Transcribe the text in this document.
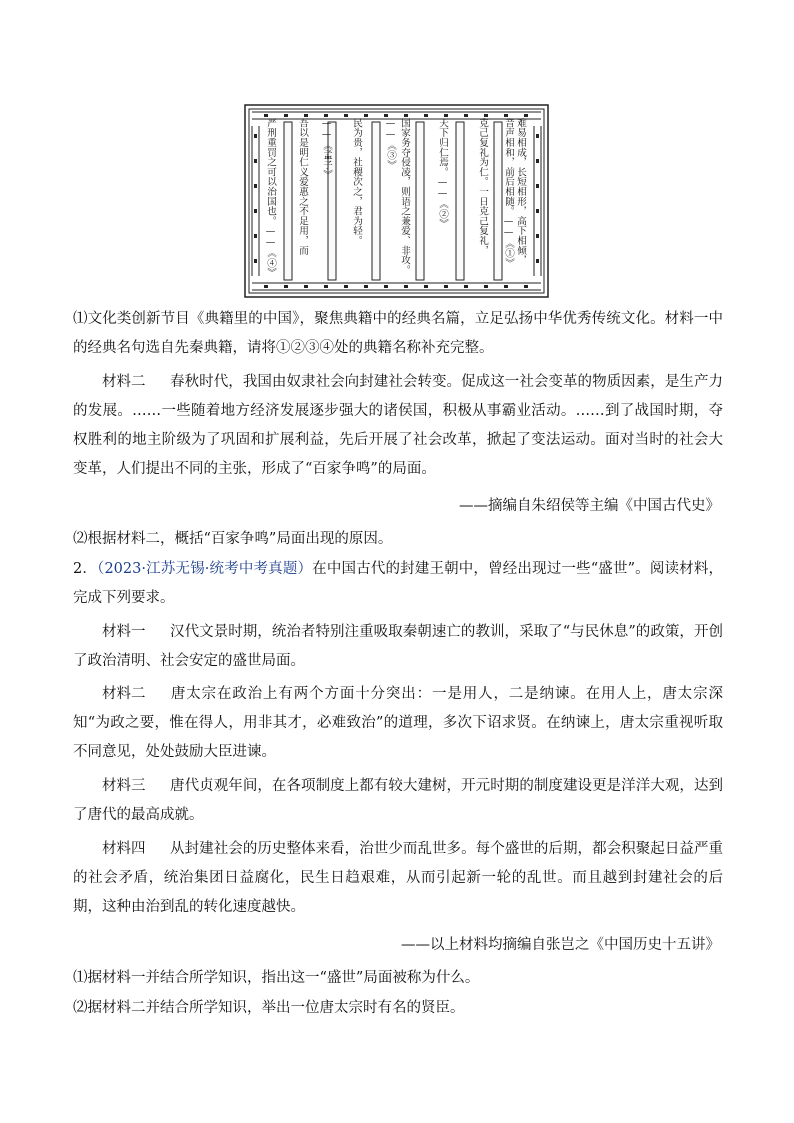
难易相成，长短相形，高下相倾，
音声相和，前后相随。——《①》
克己复礼为仁。一日克己复礼，
天下归仁焉。——《②》
国家务夺侵凌，则语之兼爱、非攻。
——《③》
民为贵，社稷次之，君为轻。
——《孟子》
吾以是明仁义爱惠之不足用，而
严刑重罚之可以治国也。——《④》
⑴文化类创新节目《典籍里的中国》，聚焦典籍中的经典名篇，立足弘扬中华优秀传统文化。材料一中的经典名句选自先秦典籍，请将①②③④处的典籍名称补充完整。
材料二 春秋时代，我国由奴隶社会向封建社会转变。促成这一社会变革的物质因素，是生产力的发展。……一些随着地方经济发展逐步强大的诸侯国，积极从事霸业活动。……到了战国时期，夺权胜利的地主阶级为了巩固和扩展利益，先后开展了社会改革，掀起了变法运动。面对当时的社会大变革，人们提出不同的主张，形成了“百家争鸣”的局面。
——摘编自朱绍侯等主编《中国古代史》
⑵根据材料二，概括“百家争鸣”局面出现的原因。
2．（2023·江苏无锡·统考中考真题）在中国古代的封建王朝中，曾经出现过一些“盛世”。阅读材料，完成下列要求。
材料一 汉代文景时期，统治者特别注重吸取秦朝速亡的教训，采取了“与民休息”的政策，开创了政治清明、社会安定的盛世局面。
材料二 唐太宗在政治上有两个方面十分突出：一是用人，二是纳谏。在用人上，唐太宗深知“为政之要，惟在得人，用非其才，必难致治”的道理，多次下诏求贤。在纳谏上，唐太宗重视听取不同意见，处处鼓励大臣进谏。
材料三 唐代贞观年间，在各项制度上都有较大建树，开元时期的制度建设更是洋洋大观，达到了唐代的最高成就。
材料四 从封建社会的历史整体来看，治世少而乱世多。每个盛世的后期，都会积聚起日益严重的社会矛盾，统治集团日益腐化，民生日趋艰难，从而引起新一轮的乱世。而且越到封建社会的后期，这种由治到乱的转化速度越快。
——以上材料均摘编自张岂之《中国历史十五讲》
⑴据材料一并结合所学知识，指出这一“盛世”局面被称为什么。
⑵据材料二并结合所学知识，举出一位唐太宗时有名的贤臣。
